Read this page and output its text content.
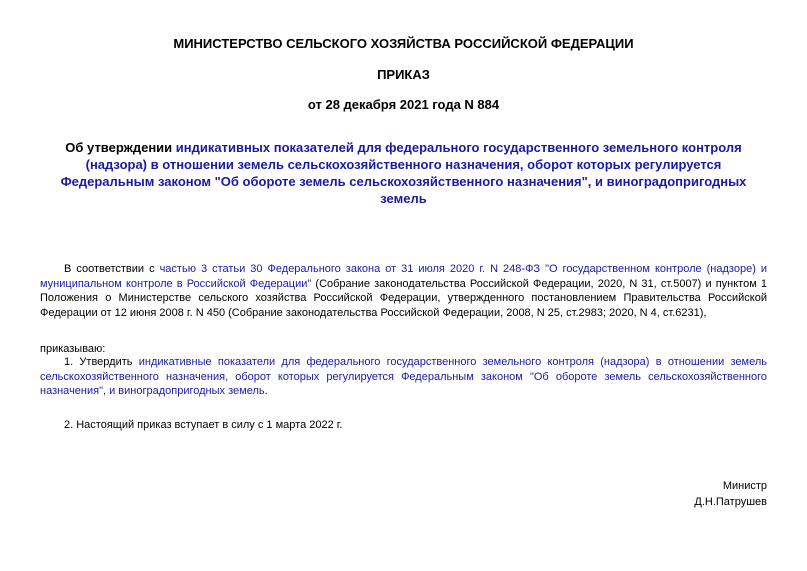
МИНИСТЕРСТВО СЕЛЬСКОГО ХОЗЯЙСТВА РОССИЙСКОЙ ФЕДЕРАЦИИ
ПРИКАЗ
от 28 декабря 2021 года N 884
Об утверждении индикативных показателей для федерального государственного земельного контроля (надзора) в отношении земель сельскохозяйственного назначения, оборот которых регулируется Федеральным законом "Об обороте земель сельскохозяйственного назначения", и виноградопригодных земель
В соответствии с частью 3 статьи 30 Федерального закона от 31 июля 2020 г. N 248-ФЗ "О государственном контроле (надзоре) и муниципальном контроле в Российской Федерации" (Собрание законодательства Российской Федерации, 2020, N 31, ст.5007) и пунктом 1 Положения о Министерстве сельского хозяйства Российской Федерации, утвержденного постановлением Правительства Российской Федерации от 12 июня 2008 г. N 450 (Собрание законодательства Российской Федерации, 2008, N 25, ст.2983; 2020, N 4, ст.6231),
приказываю:
1. Утвердить индикативные показатели для федерального государственного земельного контроля (надзора) в отношении земель сельскохозяйственного назначения, оборот которых регулируется Федеральным законом "Об обороте земель сельскохозяйственного назначения", и виноградопригодных земель.
2. Настоящий приказ вступает в силу с 1 марта 2022 г.
Министр
Д.Н.Патрушев
